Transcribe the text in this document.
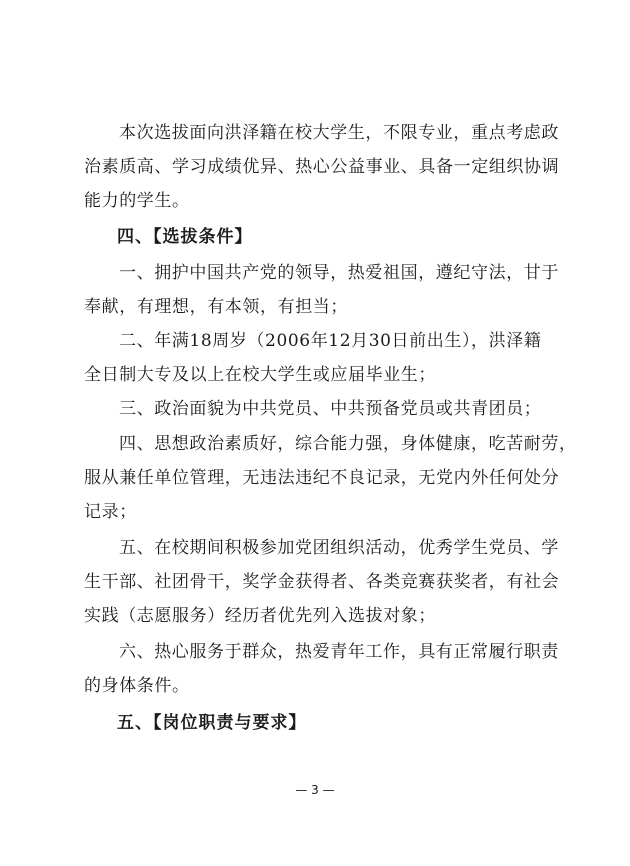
本次选拔面向洪泽籍在校大学生，不限专业，重点考虑政
治素质高、学习成绩优异、热心公益事业、具备一定组织协调
能力的学生。
四、【选拔条件】
一、拥护中国共产党的领导，热爱祖国，遵纪守法，甘于
奉献，有理想，有本领，有担当；
二、年满18周岁（2006年12月30日前出生），洪泽籍
全日制大专及以上在校大学生或应届毕业生；
三、政治面貌为中共党员、中共预备党员或共青团员；
四、思想政治素质好，综合能力强，身体健康，吃苦耐劳，
服从兼任单位管理，无违法违纪不良记录，无党内外任何处分
记录；
五、在校期间积极参加党团组织活动，优秀学生党员、学
生干部、社团骨干，奖学金获得者、各类竞赛获奖者，有社会
实践（志愿服务）经历者优先列入选拔对象；
六、热心服务于群众，热爱青年工作，具有正常履行职责
的身体条件。
五、【岗位职责与要求】
— 3 —
